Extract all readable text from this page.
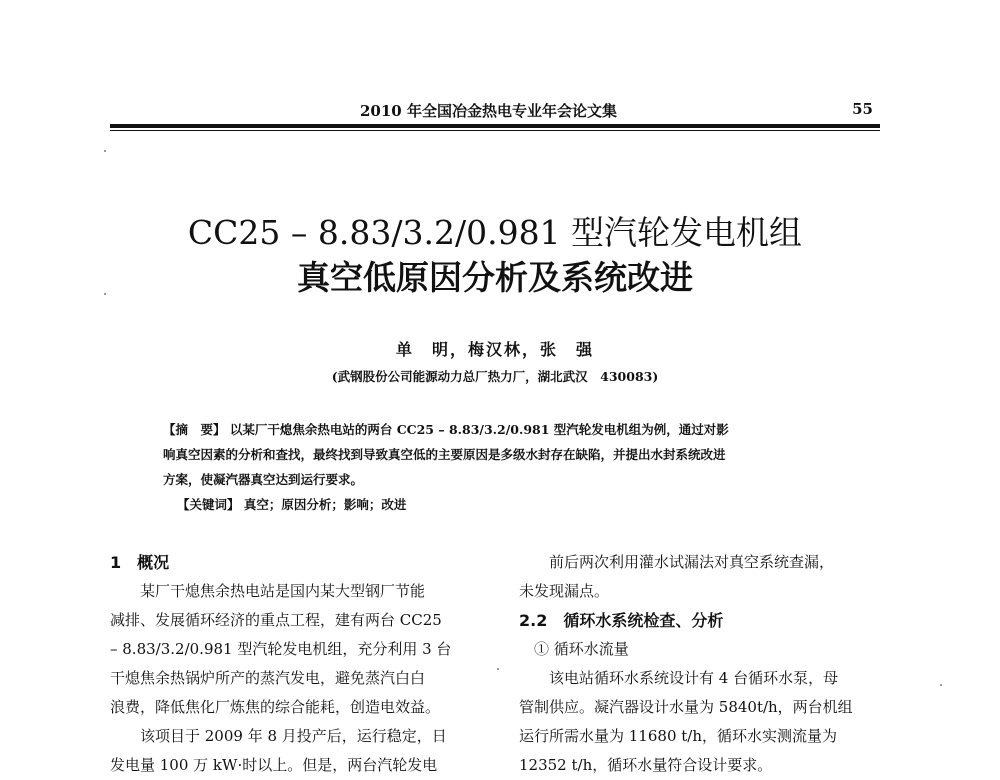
2010 年全国冶金热电专业年会论文集	55
CC25 – 8.83/3.2/0.981 型汽轮发电机组
真空低原因分析及系统改进
单　明，梅汉林，张　强
(武钢股份公司能源动力总厂热力厂，湖北武汉　430083)
【摘　要】 以某厂干熄焦余热电站的两台 CC25 – 8.83/3.2/0.981 型汽轮发电机组为例，通过对影
响真空因素的分析和查找，最终找到导致真空低的主要原因是多级水封存在缺陷，并提出水封系统改进
方案，使凝汽器真空达到运行要求。
【关键词】 真空；原因分析；影响；改进
1　概况
某厂干熄焦余热电站是国内某大型钢厂节能
减排、发展循环经济的重点工程，建有两台 CC25
– 8.83/3.2/0.981 型汽轮发电机组，充分利用 3 台
干熄焦余热锅炉所产的蒸汽发电，避免蒸汽白白
浪费，降低焦化厂炼焦的综合能耗，创造电效益。
该项目于 2009 年 8 月投产后，运行稳定，日
发电量 100 万 kW·时以上。但是，两台汽轮发电
前后两次利用灌水试漏法对真空系统查漏，
未发现漏点。
2.2　循环水系统检查、分析
① 循环水流量
该电站循环水系统设计有 4 台循环水泵，母
管制供应。凝汽器设计水量为 5840t/h，两台机组
运行所需水量为 11680 t/h，循环水实测流量为
12352 t/h，循环水量符合设计要求。
